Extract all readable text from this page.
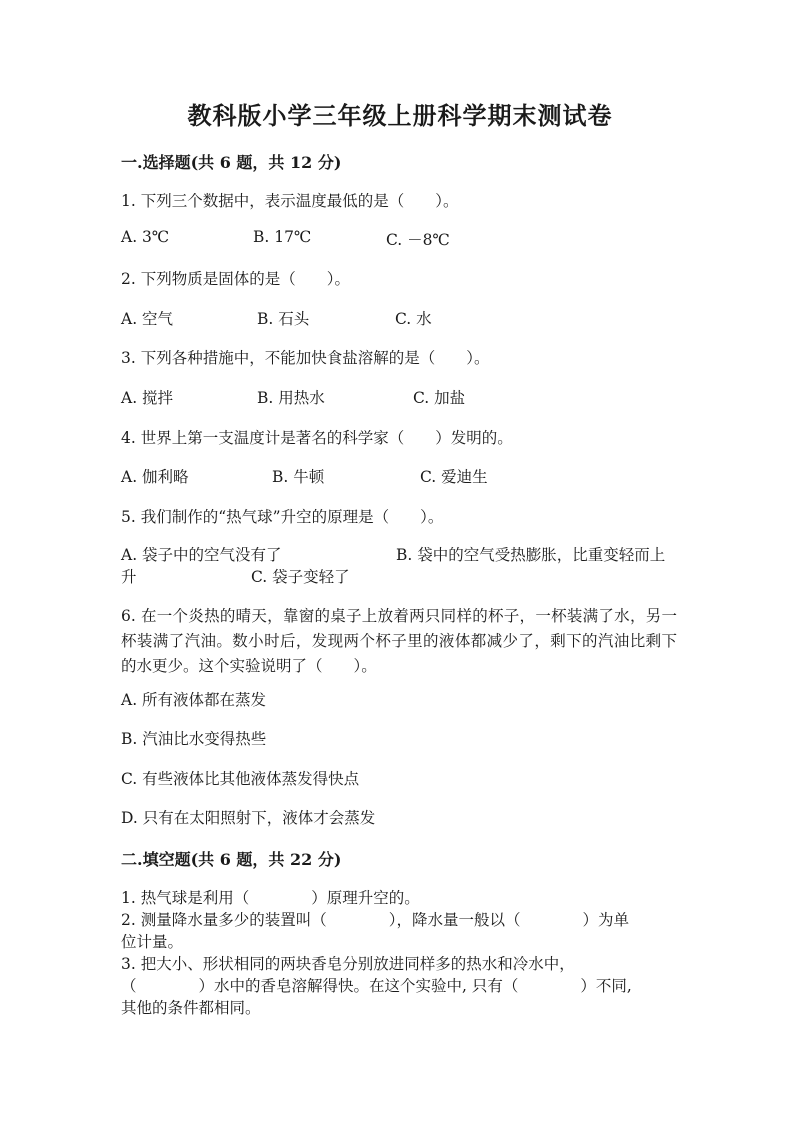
教科版小学三年级上册科学期末测试卷
一.选择题(共 6 题，共 12 分)
1. 下列三个数据中，表示温度最低的是（　　）。
A. 3℃	B. 17℃	C. －8℃
2. 下列物质是固体的是（　　）。
A. 空气	B. 石头	C. 水
3. 下列各种措施中，不能加快食盐溶解的是（　　）。
A. 搅拌	B. 用热水	C. 加盐
4. 世界上第一支温度计是著名的科学家（　　）发明的。
A. 伽利略	B. 牛顿	C. 爱迪生
5. 我们制作的“热气球”升空的原理是（　　）。
A. 袋子中的空气没有了	B. 袋中的空气受热膨胀，比重变轻而上
升	C. 袋子变轻了
6. 在一个炎热的晴天，靠窗的桌子上放着两只同样的杯子，一杯装满了水，另一杯装满了汽油。数小时后，发现两个杯子里的液体都减少了，剩下的汽油比剩下的水更少。这个实验说明了（　　）。
A. 所有液体都在蒸发
B. 汽油比水变得热些
C. 有些液体比其他液体蒸发得快点
D. 只有在太阳照射下，液体才会蒸发
二.填空题(共 6 题，共 22 分)
1. 热气球是利用（　　　　）原理升空的。
2. 测量降水量多少的装置叫（　　　　），降水量一般以（　　　　）为单
位计量。
3. 把大小、形状相同的两块香皂分别放进同样多的热水和冷水中，
（　　　　）水中的香皂溶解得快。在这个实验中, 只有（　　　　）不同,
其他的条件都相同。
